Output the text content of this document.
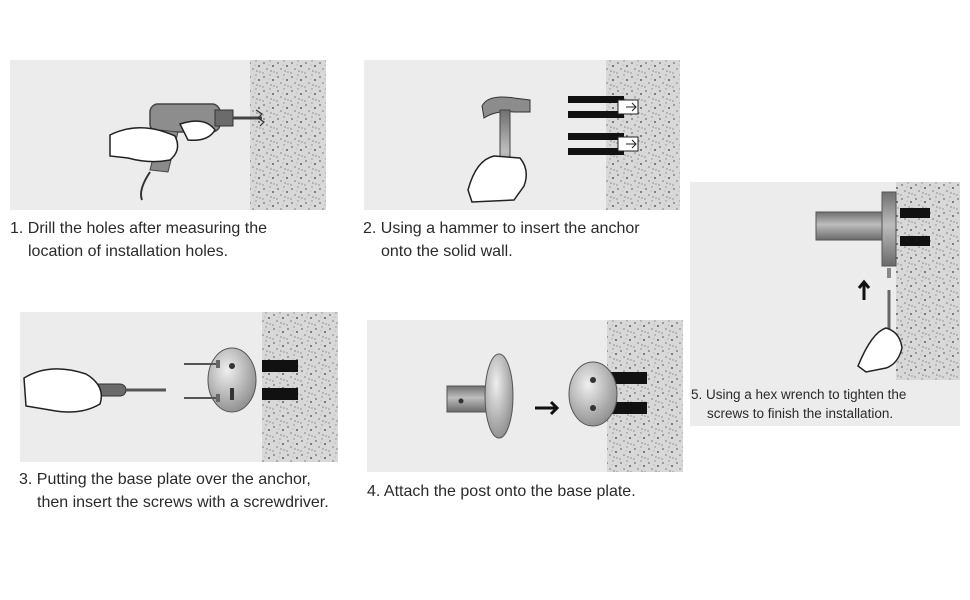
1. Drill the holes after measuring the
location of installation holes.
2. Using a hammer to insert the anchor
onto the solid wall.
3. Putting the base plate over the anchor,
then insert the screws with a screwdriver.
4. Attach the post onto the base plate.
5. Using a hex wrench to tighten the
screws to finish the installation.
